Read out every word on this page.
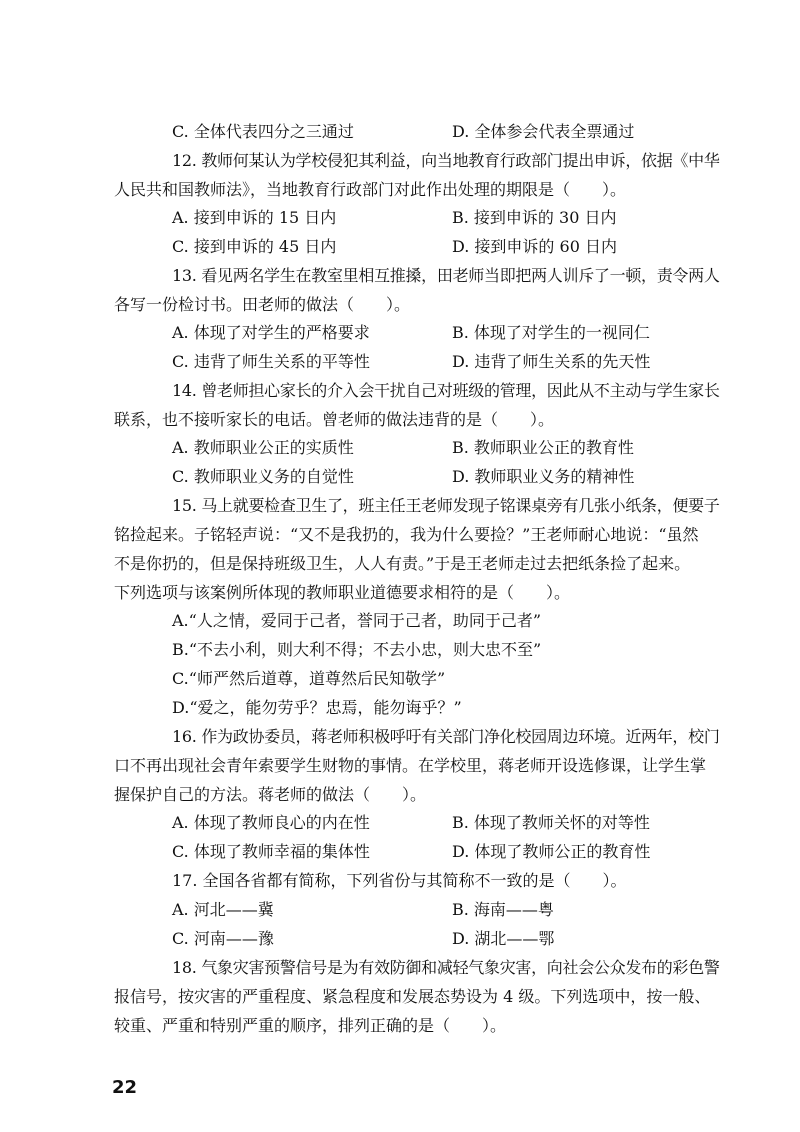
C. 全体代表四分之三通过	D. 全体参会代表全票通过
12. 教师何某认为学校侵犯其利益，向当地教育行政部门提出申诉，依据《中华
人民共和国教师法》，当地教育行政部门对此作出处理的期限是（　　）。
A. 接到申诉的 15 日内	B. 接到申诉的 30 日内
C. 接到申诉的 45 日内	D. 接到申诉的 60 日内
13. 看见两名学生在教室里相互推搡，田老师当即把两人训斥了一顿，责令两人
各写一份检讨书。田老师的做法（　　）。
A. 体现了对学生的严格要求	B. 体现了对学生的一视同仁
C. 违背了师生关系的平等性	D. 违背了师生关系的先天性
14. 曾老师担心家长的介入会干扰自己对班级的管理，因此从不主动与学生家长
联系，也不接听家长的电话。曾老师的做法违背的是（　　）。
A. 教师职业公正的实质性	B. 教师职业公正的教育性
C. 教师职业义务的自觉性	D. 教师职业义务的精神性
15. 马上就要检查卫生了，班主任王老师发现子铭课桌旁有几张小纸条，便要子
铭捡起来。子铭轻声说：“又不是我扔的，我为什么要捡？”王老师耐心地说：“虽然
不是你扔的，但是保持班级卫生，人人有责。”于是王老师走过去把纸条捡了起来。
下列选项与该案例所体现的教师职业道德要求相符的是（　　）。
A.“人之情，爱同于己者，誉同于己者，助同于己者”
B.“不去小利，则大利不得；不去小忠，则大忠不至”
C.“师严然后道尊，道尊然后民知敬学”
D.“爱之，能勿劳乎？忠焉，能勿诲乎？”
16. 作为政协委员，蒋老师积极呼吁有关部门净化校园周边环境。近两年，校门
口不再出现社会青年索要学生财物的事情。在学校里，蒋老师开设选修课，让学生掌
握保护自己的方法。蒋老师的做法（　　）。
A. 体现了教师良心的内在性	B. 体现了教师关怀的对等性
C. 体现了教师幸福的集体性	D. 体现了教师公正的教育性
17. 全国各省都有简称，下列省份与其简称不一致的是（　　）。
A. 河北——冀	B. 海南——粤
C. 河南——豫	D. 湖北——鄂
18. 气象灾害预警信号是为有效防御和减轻气象灾害，向社会公众发布的彩色警
报信号，按灾害的严重程度、紧急程度和发展态势设为 4 级。下列选项中，按一般、
较重、严重和特别严重的顺序，排列正确的是（　　）。
22
